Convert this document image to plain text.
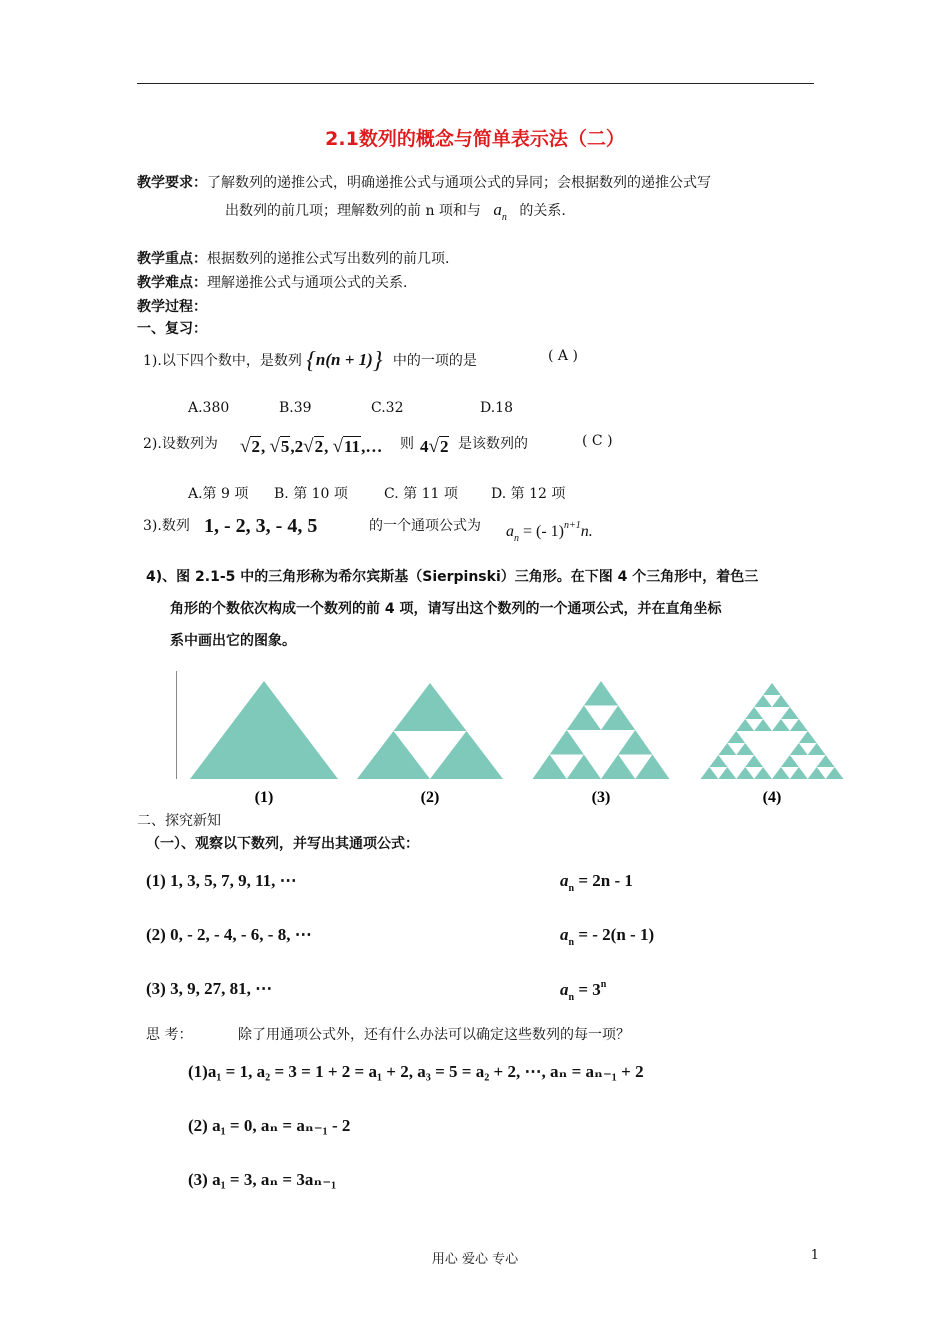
2.1数列的概念与简单表示法（二）
教学要求：了解数列的递推公式，明确递推公式与通项公式的异同；会根据数列的递推公式写
出数列的前几项；理解数列的前 n 项和与 $a_n$ 的关系.
教学重点：根据数列的递推公式写出数列的前几项.
教学难点：理解递推公式与通项公式的关系.
教学过程：
一、复习：
1).以下四个数中，是数列 {n(n + 1)} 中的一项的是	( A )
A.380	B.39	C.32	D.18
2).设数列为 √2, √5,2√2, √11,… 则 4√2 是该数列的	( C )
A.第 9 项 B. 第 10 项	C. 第 11 项 D. 第 12 项
3).数列 1, - 2, 3, - 4, 5	的一个通项公式为 $a_n$ = (- 1)$^{n+1}$n.
4)、图 2.1-5 中的三角形称为希尔宾斯基（Sierpinski）三角形。在下图 4 个三角形中，着色三
角形的个数依次构成一个数列的前 4 项，请写出这个数列的一个通项公式，并在直角坐标
系中画出它的图象。
(1)	(2)	(3)	(4)
二、探究新知
（一）、观察以下数列，并写出其通项公式：
(1) 1, 3, 5, 7, 9, 11, ⋯	$a_n = 2n - 1$
(2) 0, - 2, - 4, - 6, - 8, ⋯	$a_n$ = - 2(n - 1)
(3) 3, 9, 27, 81, ⋯	$a_n = 3^n$
思 考：	除了用通项公式外，还有什么办法可以确定这些数列的每一项？
(1)a₁ = 1, a₂ = 3 = 1 + 2 = a₁ + 2, a₃ = 5 = a₂ + 2, ⋯, aₙ = aₙ₋₁ + 2
(2) a₁ = 0, aₙ = aₙ₋₁ - 2
(3) a₁ = 3, aₙ = 3aₙ₋₁
用心 爱心 专心	1
